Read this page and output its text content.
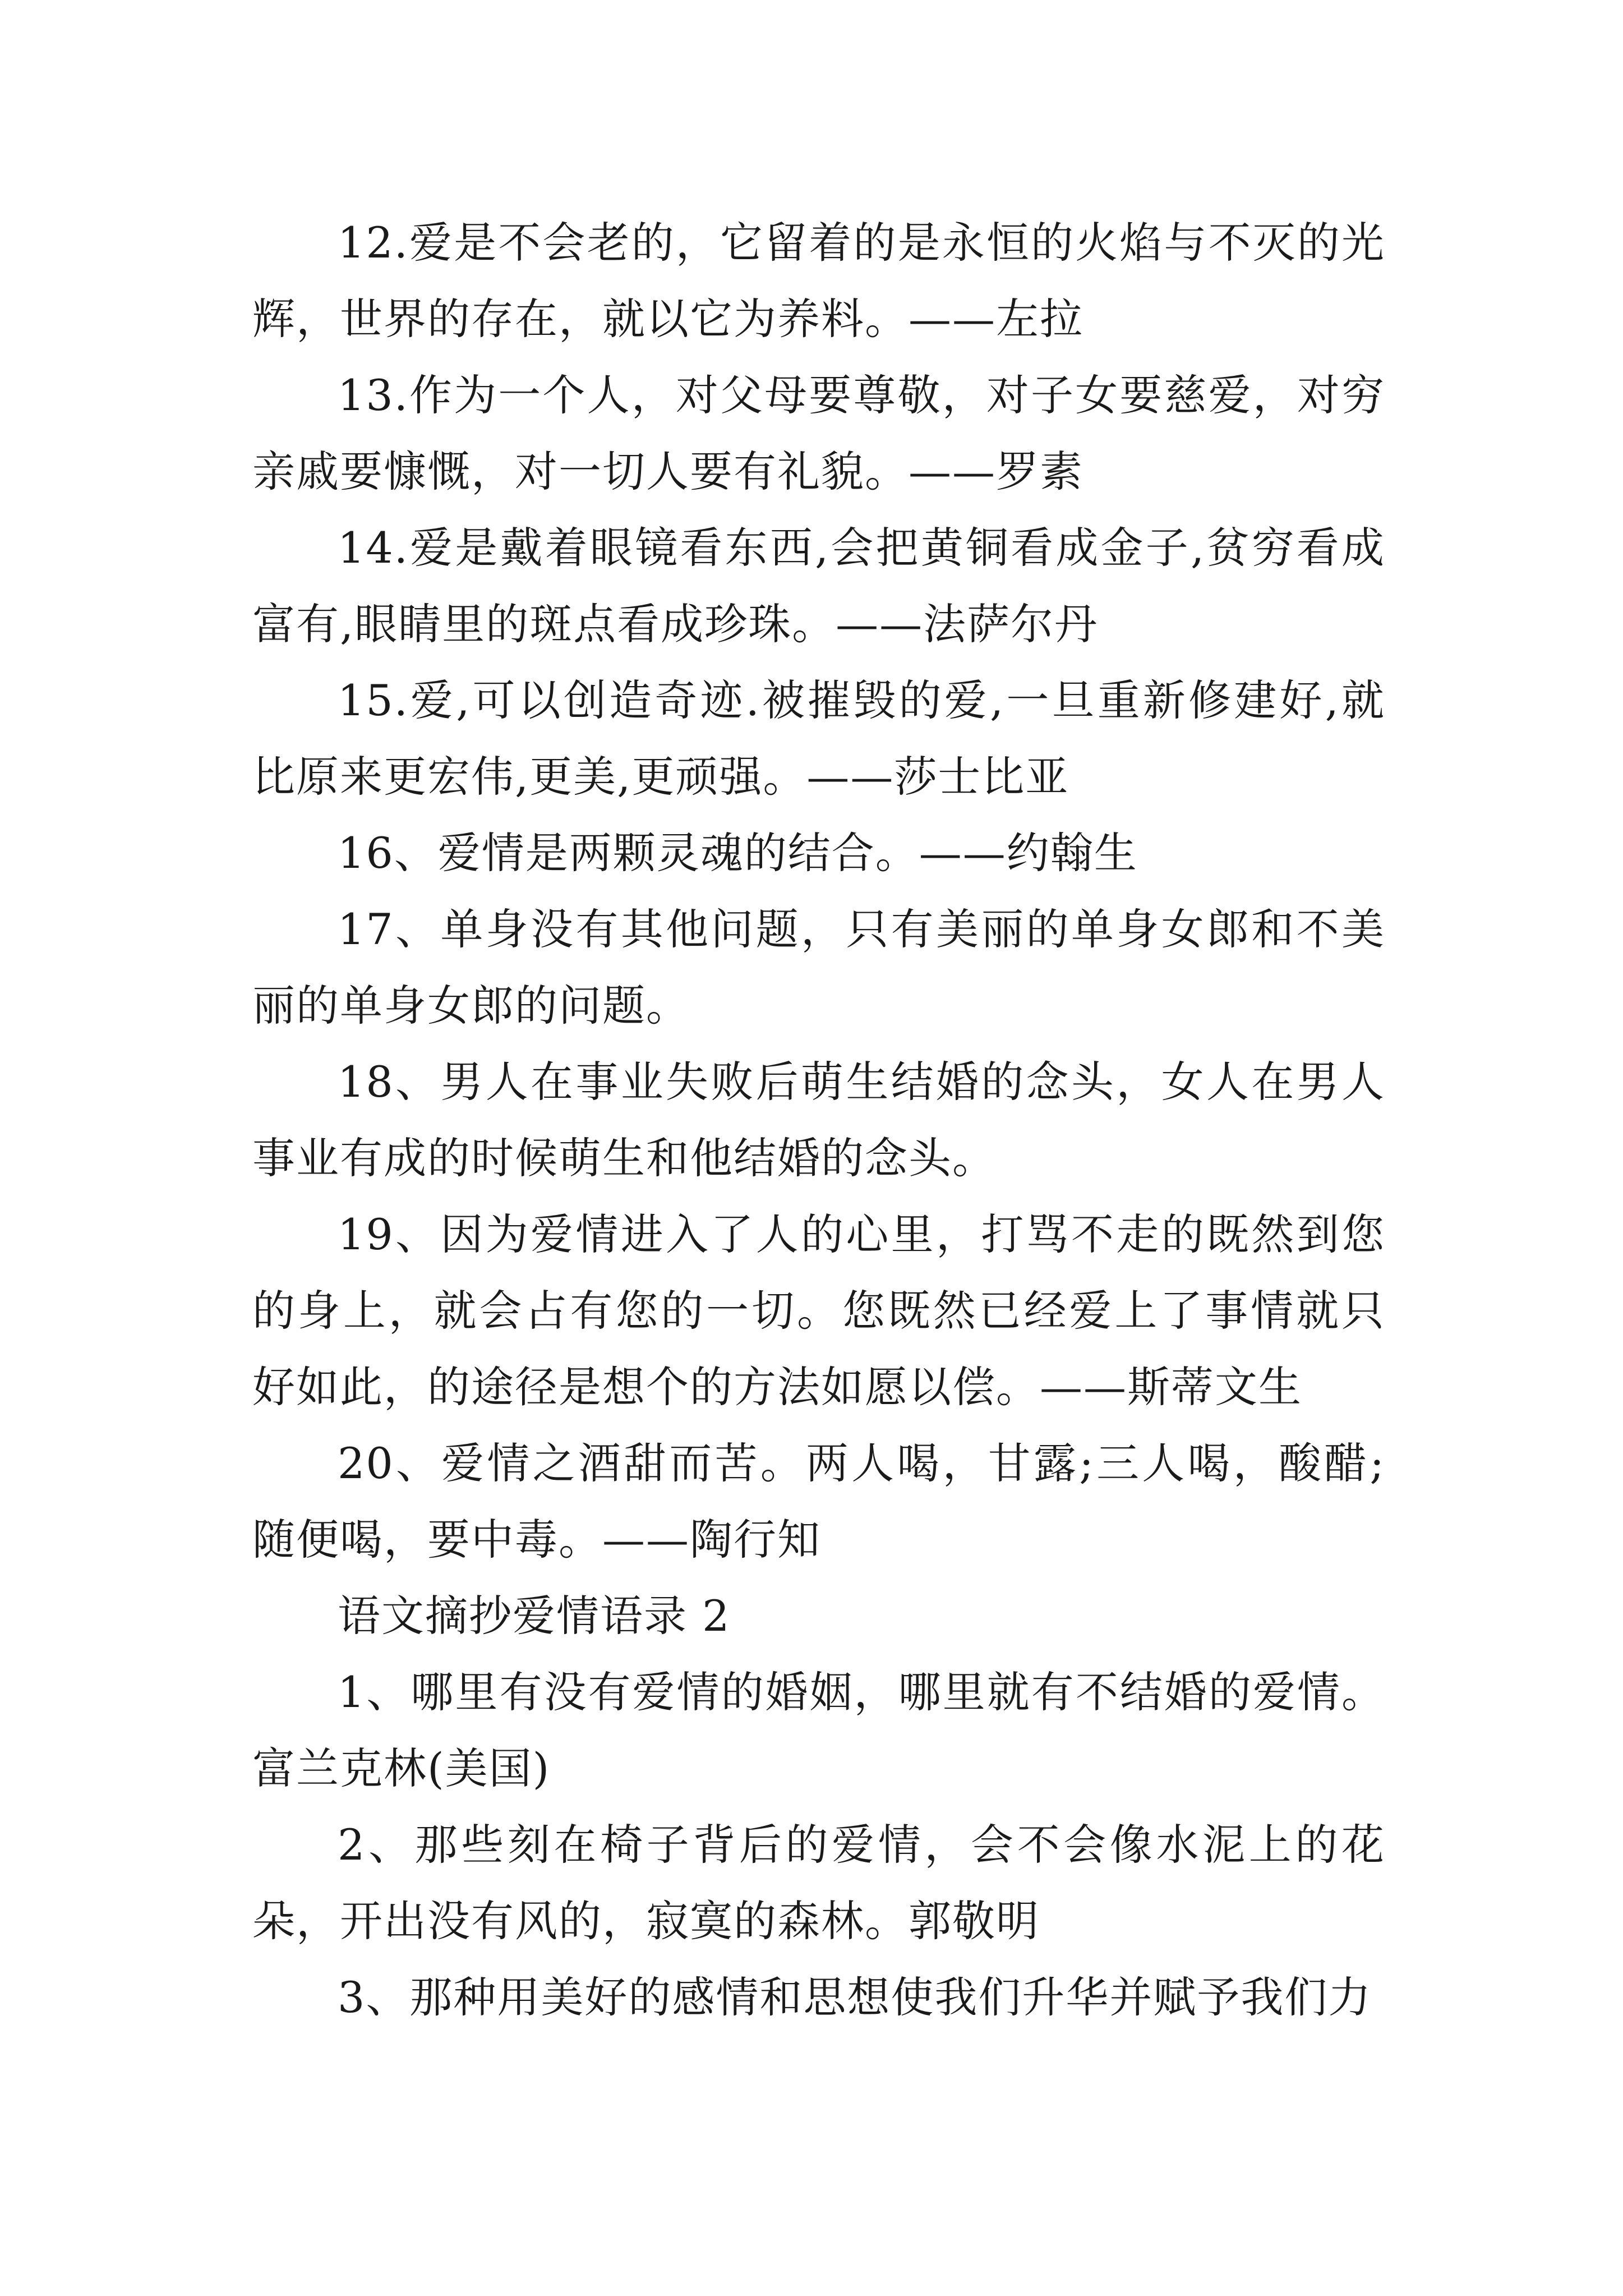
12.爱是不会老的，它留着的是永恒的火焰与不灭的光辉，世界的存在，就以它为养料。——左拉

13.作为一个人，对父母要尊敬，对子女要慈爱，对穷亲戚要慷慨，对一切人要有礼貌。——罗素

14.爱是戴着眼镜看东西,会把黄铜看成金子,贫穷看成富有,眼睛里的斑点看成珍珠。——法萨尔丹

15.爱,可以创造奇迹.被摧毁的爱,一旦重新修建好,就比原来更宏伟,更美,更顽强。——莎士比亚

16、爱情是两颗灵魂的结合。——约翰生

17、单身没有其他问题，只有美丽的单身女郎和不美丽的单身女郎的问题。

18、男人在事业失败后萌生结婚的念头，女人在男人事业有成的时候萌生和他结婚的念头。

19、因为爱情进入了人的心里，打骂不走的既然到您的身上，就会占有您的一切。您既然已经爱上了事情就只好如此，的途径是想个的方法如愿以偿。——斯蒂文生

20、爱情之酒甜而苦。两人喝，甘露;三人喝，酸醋;随便喝，要中毒。——陶行知

语文摘抄爱情语录 2

1、哪里有没有爱情的婚姻，哪里就有不结婚的爱情。富兰克林(美国)

2、那些刻在椅子背后的爱情，会不会像水泥上的花朵，开出没有风的，寂寞的森林。郭敬明

3、那种用美好的感情和思想使我们升华并赋予我们力
